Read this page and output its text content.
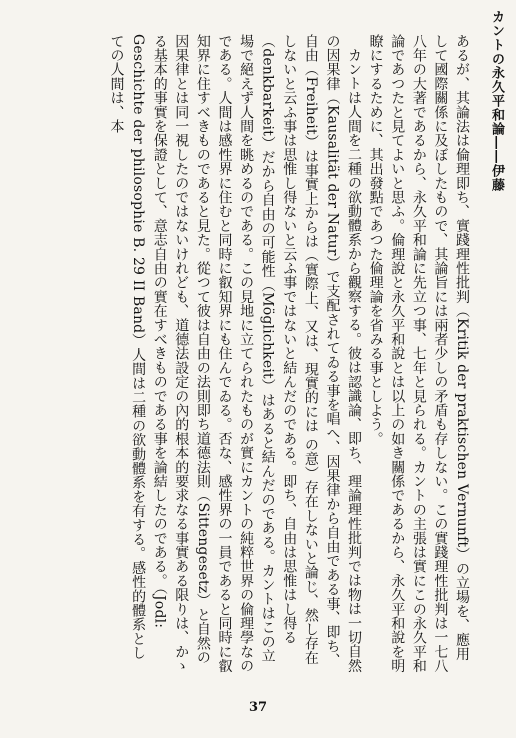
カントの永久平和論――伊藤

あるが、其論法は倫理即ち、實踐理性批判（Kritik der praktischen Vernunft）の立場を、應用して國際關係に及ぼしたもので、其論旨には兩者少しの矛盾も存しない。この實踐理性批判は一七八八年の大著であるから、永久平和論に先立つ事、七年と見られる。カントの主張は實にこの永久平和論であつたと見てよいと思ふ。倫理說と永久平和說とは以上の如き關係であるから、永久平和說を明瞭にするために、其出發點であつた倫理論を省みる事としよう。

カントは人間を二種の欲動體系から觀察する。彼は認識論、即ち、理論理性批判では物は一切自然の因果律（Kausalität der Natur）で支配されてゐる事を唱へ、因果律から自由である事、即ち、自由（Freiheit）は事實上からは（實際上、又は、現實的には の意）存在しないと論じ、然し存在しないと云ふ事は思惟し得ないと云ふ事ではないと結んだのである。即ち、自由は思惟はし得る（denkbarkeit）だから自由の可能性（Möglichkeit）はあると結んだのである。カントはこの立場で絕えず人間を眺めるのである。この見地に立てられたものが實にカントの純粹世界の倫理學なのである。人間は感性界に住むと同時に叡知界にも住んでゐる。否な、感性界の一員であると同時に叡知界に住すべきものであると見た。從つて彼は自由の法則即ち道德法則（Sittengesetz）と自然の因果律とは同一視したのではないけれども、道德法設定の內的根本的要求なる事實ある限りは、かゝる基本的事實を保證として、意志自由の實在すべきものである事を論結したのである。（Jodl: Geschichte der philosophie B. 29 II Band）人間は二種の欲動體系を有する。感性的體系としての人間は、本

37
